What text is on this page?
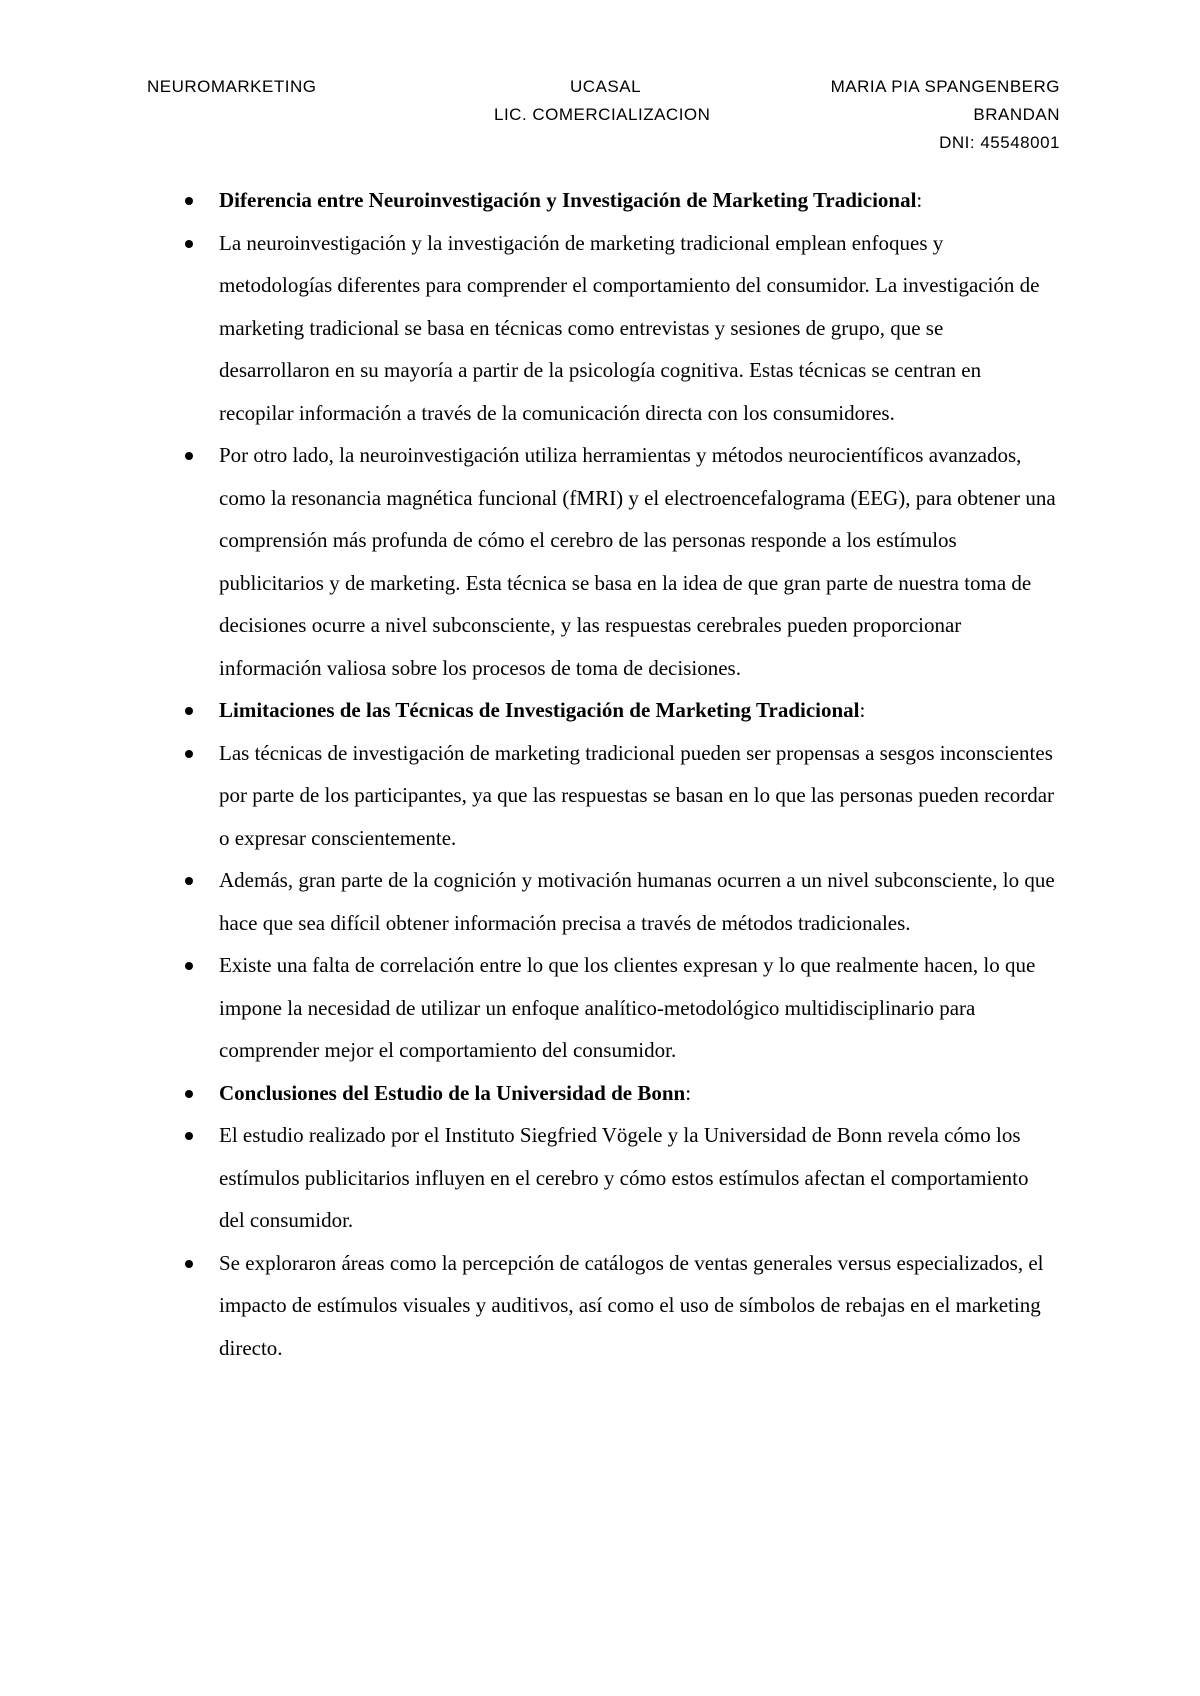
NEUROMARKETING	UCASAL
LIC. COMERCIALIZACION
MARIA PIA SPANGENBERG
BRANDAN
DNI: 45548001
Diferencia entre Neuroinvestigación y Investigación de Marketing Tradicional:
La neuroinvestigación y la investigación de marketing tradicional emplean enfoques y metodologías diferentes para comprender el comportamiento del consumidor. La investigación de marketing tradicional se basa en técnicas como entrevistas y sesiones de grupo, que se desarrollaron en su mayoría a partir de la psicología cognitiva. Estas técnicas se centran en recopilar información a través de la comunicación directa con los consumidores.
Por otro lado, la neuroinvestigación utiliza herramientas y métodos neurocientíficos avanzados, como la resonancia magnética funcional (fMRI) y el electroencefalograma (EEG), para obtener una comprensión más profunda de cómo el cerebro de las personas responde a los estímulos publicitarios y de marketing. Esta técnica se basa en la idea de que gran parte de nuestra toma de decisiones ocurre a nivel subconsciente, y las respuestas cerebrales pueden proporcionar información valiosa sobre los procesos de toma de decisiones.
Limitaciones de las Técnicas de Investigación de Marketing Tradicional:
Las técnicas de investigación de marketing tradicional pueden ser propensas a sesgos inconscientes por parte de los participantes, ya que las respuestas se basan en lo que las personas pueden recordar o expresar conscientemente.
Además, gran parte de la cognición y motivación humanas ocurren a un nivel subconsciente, lo que hace que sea difícil obtener información precisa a través de métodos tradicionales.
Existe una falta de correlación entre lo que los clientes expresan y lo que realmente hacen, lo que impone la necesidad de utilizar un enfoque analítico-metodológico multidisciplinario para comprender mejor el comportamiento del consumidor.
Conclusiones del Estudio de la Universidad de Bonn:
El estudio realizado por el Instituto Siegfried Vögele y la Universidad de Bonn revela cómo los estímulos publicitarios influyen en el cerebro y cómo estos estímulos afectan el comportamiento del consumidor.
Se exploraron áreas como la percepción de catálogos de ventas generales versus especializados, el impacto de estímulos visuales y auditivos, así como el uso de símbolos de rebajas en el marketing directo.
